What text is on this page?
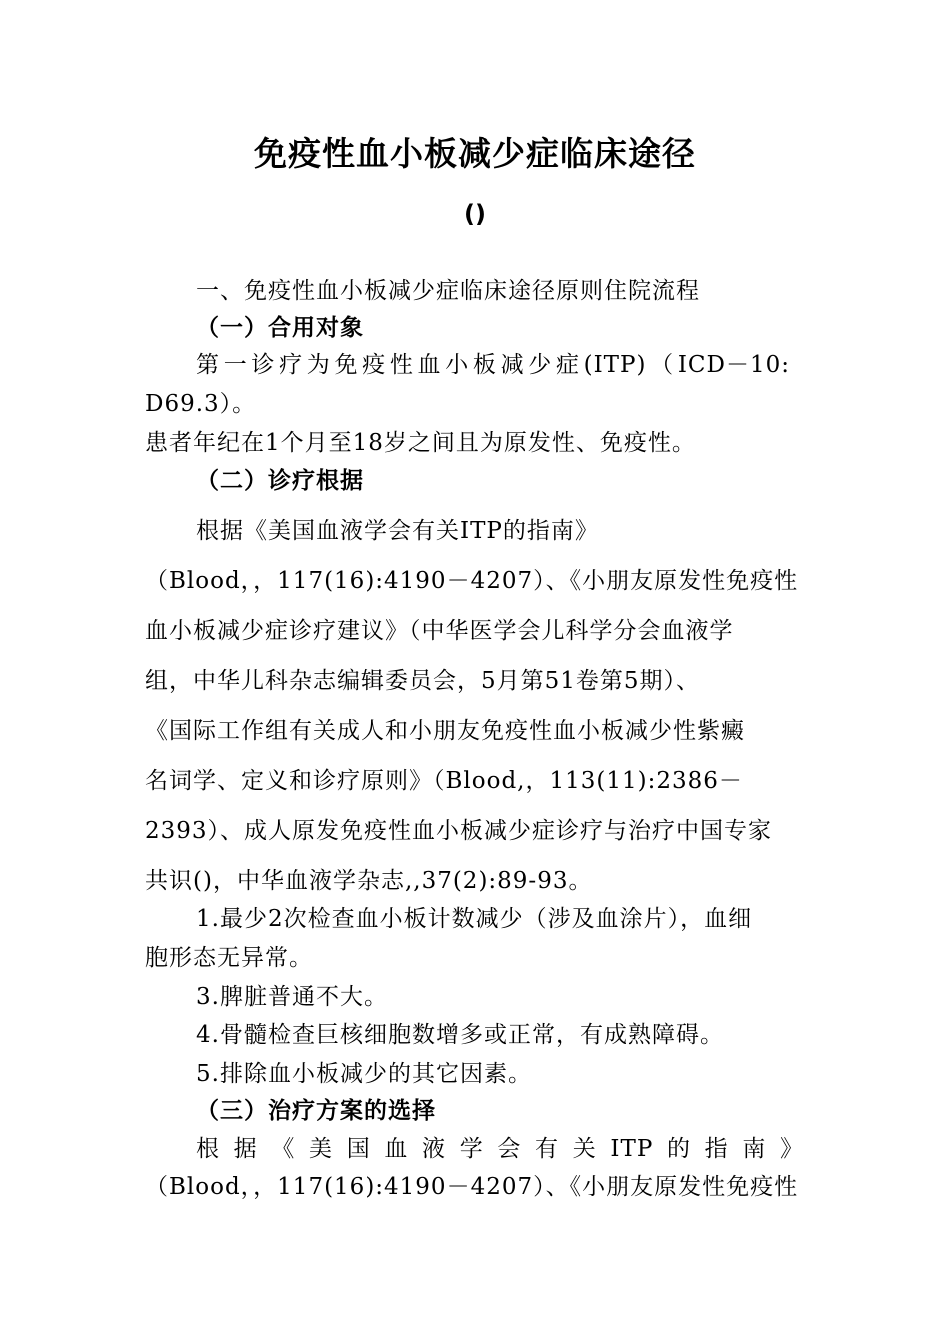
免疫性血小板减少症临床途径
()
一、免疫性血小板减少症临床途径原则住院流程
（一）合用对象
第一诊疗为免疫性血小板减少症(ITP)（ICD－10:
D69.3）。
患者年纪在1个月至18岁之间且为原发性、免疫性。
（二）诊疗根据
根据《美国血液学会有关ITP的指南》
（Blood，，117(16):4190－4207）、《小朋友原发性免疫性
血小板减少症诊疗建议》（中华医学会儿科学分会血液学
组，中华儿科杂志编辑委员会，5月第51卷第5期）、
《国际工作组有关成人和小朋友免疫性血小板减少性紫癜
名词学、定义和诊疗原则》（Blood,，113(11):2386－
2393）、成人原发免疫性血小板减少症诊疗与治疗中国专家
共识()，中华血液学杂志,,37(2):89-93。
1.最少2次检查血小板计数减少（涉及血涂片），血细
胞形态无异常。
3.脾脏普通不大。
4.骨髓检查巨核细胞数增多或正常，有成熟障碍。
5.排除血小板减少的其它因素。
（三）治疗方案的选择
根据《美国血液学会有关ITP的指南》
（Blood，，117(16):4190－4207）、《小朋友原发性免疫性
